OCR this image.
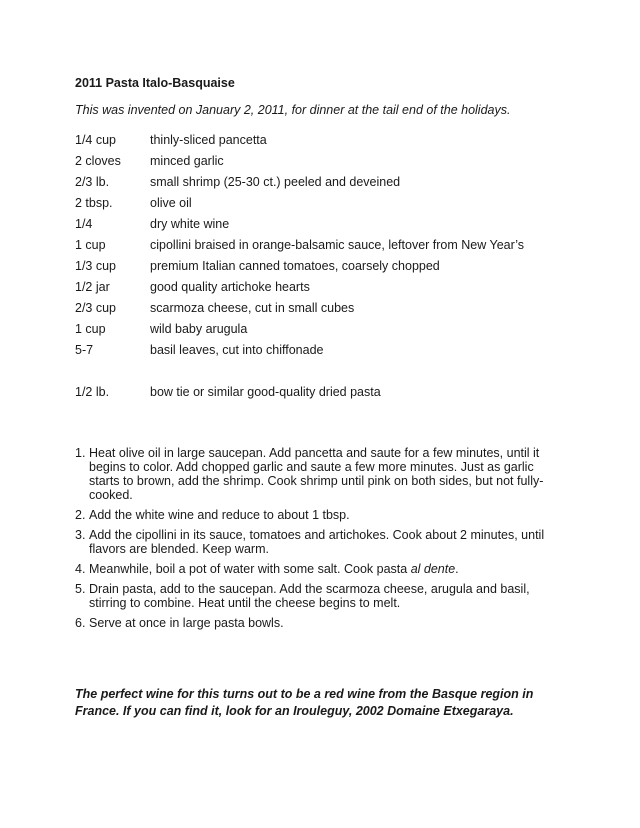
2011 Pasta Italo-Basquaise
This was invented on January 2, 2011, for dinner at the tail end of the holidays.
1/4 cup	thinly-sliced pancetta
2 cloves	minced garlic
2/3 lb.	small shrimp (25-30 ct.) peeled and deveined
2 tbsp.	olive oil
1/4	dry white wine
1 cup	cipollini braised in orange-balsamic sauce, leftover from New Year’s
1/3 cup	premium Italian canned tomatoes, coarsely chopped
1/2 jar	good quality artichoke hearts
2/3 cup	scarmoza cheese, cut in small cubes
1 cup	wild baby arugula
5-7	basil leaves, cut into chiffonade
1/2 lb.	bow tie or similar good-quality dried pasta
1. Heat olive oil in large saucepan. Add pancetta and saute for a few minutes, until it begins to color. Add chopped garlic and saute a few more minutes. Just as garlic starts to brown, add the shrimp. Cook shrimp until pink on both sides, but not fully-cooked.
2. Add the white wine and reduce to about 1 tbsp.
3. Add the cipollini in its sauce, tomatoes and artichokes. Cook about 2 minutes, until flavors are blended. Keep warm.
4. Meanwhile, boil a pot of water with some salt. Cook pasta al dente.
5. Drain pasta, add to the saucepan. Add the scarmoza cheese, arugula and basil, stirring to combine. Heat until the cheese begins to melt.
6. Serve at once in large pasta bowls.
The perfect wine for this turns out to be a red wine from the Basque region in France. If you can find it, look for an Irouleguy, 2002 Domaine Etxegaraya.
